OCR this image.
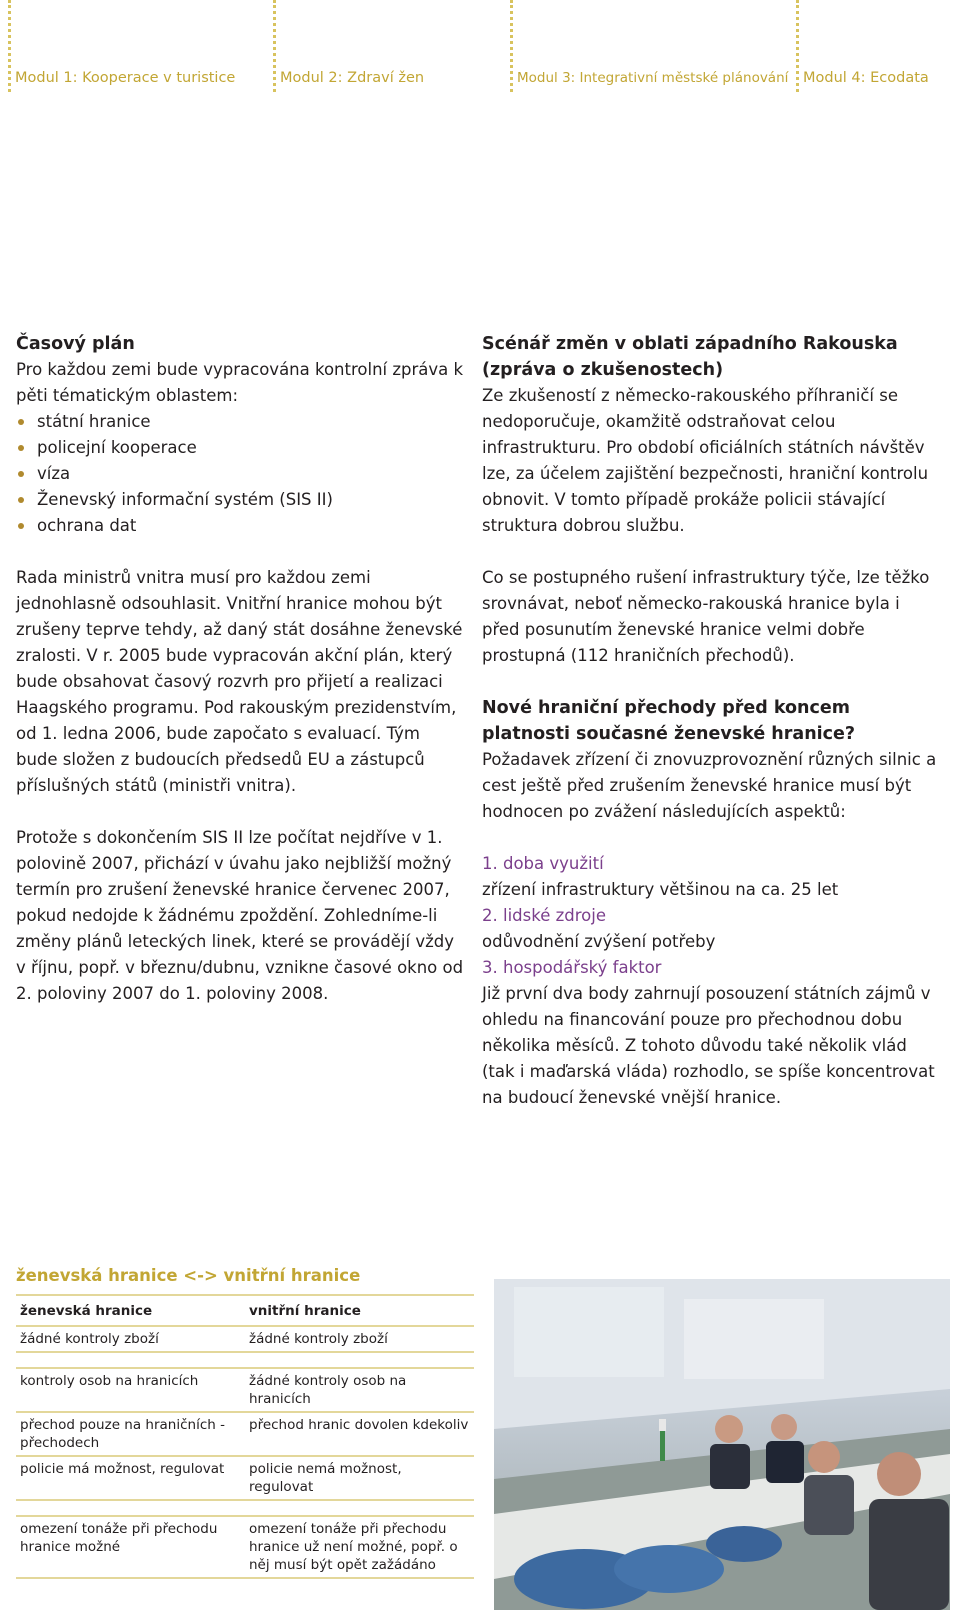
Modul 1: Kooperace v turistice	Modul 2: Zdraví žen	Modul 3: Integrativní městské plánování Modul 4: Ecodata
Časový plán

Pro každou zemi bude vypracována kontrolní zpráva k pěti tématickým oblastem:

státní hranice
policejní kooperace
víza
Ženevský informační systém (SIS II)
ochrana dat

Rada ministrů vnitra musí pro každou zemi jednohlasně odsouhlasit. Vnitřní hranice mohou být zrušeny teprve tehdy, až daný stát dosáhne ženevské zralosti. V r. 2005 bude vypracován akční plán, který bude obsahovat časový rozvrh pro přijetí a realizaci Haagského programu. Pod rakouským prezidenstvím, od 1. ledna 2006, bude započato s evaluací. Tým bude složen z budoucích předsedů EU a zástupců příslušných států (ministři vnitra).

Protože s dokončením SIS II lze počítat nejdříve v 1. polovině 2007, přichází v úvahu jako nejbližší možný termín pro zrušení ženevské hranice červenec 2007, pokud nedojde k žádnému zpoždění. Zohledníme-li změny plánů leteckých linek, které se provádějí vždy v říjnu, popř. v březnu/dubnu, vznikne časové okno od 2. poloviny 2007 do 1. poloviny 2008.

Scénář změn v oblati západního Rakouska (zpráva o zkušenostech)

Ze zkušeností z německo-rakouského příhraničí se nedoporučuje, okamžitě odstraňovat celou infrastrukturu. Pro období oficiálních státních návštěv lze, za účelem zajištění bezpečnosti, hraniční kontrolu obnovit. V tomto případě prokáže policii stávající struktura dobrou službu.

Co se postupného rušení infrastruktury týče, lze těžko srovnávat, neboť německo-rakouská hranice byla i před posunutím ženevské hranice velmi dobře prostupná (112 hraničních přechodů).

Nové hraniční přechody před koncem platnosti současné ženevské hranice?

Požadavek zřízení či znovuzprovoznění různých silnic a cest ještě před zrušením ženevské hranice musí být hodnocen po zvážení následujících aspektů:

1. doba využití

zřízení infrastruktury většinou na ca. 25 let

2. lidské zdroje

odůvodnění zvýšení potřeby

3. hospodářský faktor

Již první dva body zahrnují posouzení státních zájmů v ohledu na financování pouze pro přechodnou dobu několika měsíců. Z tohoto důvodu také několik vlád (tak i maďarská vláda) rozhodlo, se spíše koncentrovat na budoucí ženevské vnější hranice.

ženevská hranice <-> vnitřní hranice
ženevská hranice	vnitřní hranice
žádné kontroly zboží	žádné kontroly zboží

kontroly osob na hranicích	žádné kontroly osob na hranicích
přechod pouze na hraničních - přechodech	přechod hranic dovolen kdekoliv
policie má možnost, regulovat	policie nemá možnost, regulovat

omezení tonáže při přechodu hranice možné	omezení tonáže při přechodu hranice už není možné, popř. o něj musí být opět zažádáno
